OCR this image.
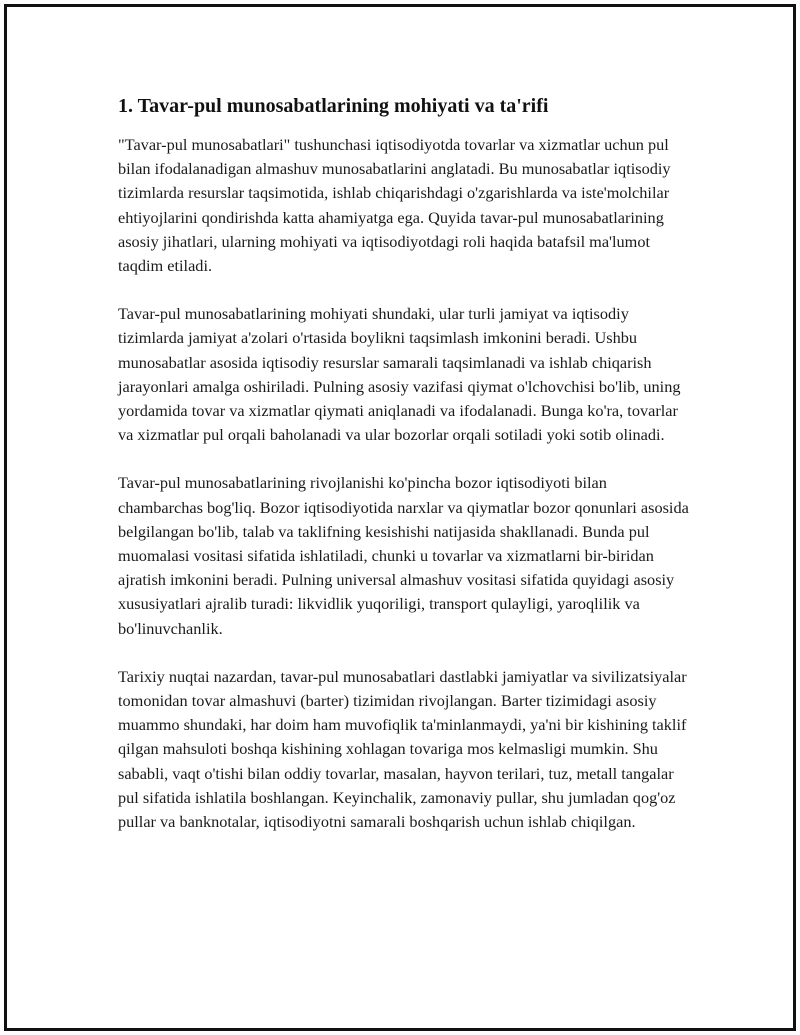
1. Tavar-pul munosabatlarining mohiyati va ta'rifi

"Tavar-pul munosabatlari" tushunchasi iqtisodiyotda tovarlar va xizmatlar uchun pul bilan ifodalanadigan almashuv munosabatlarini anglatadi. Bu munosabatlar iqtisodiy tizimlarda resurslar taqsimotida, ishlab chiqarishdagi o'zgarishlarda va iste'molchilar ehtiyojlarini qondirishda katta ahamiyatga ega. Quyida tavar-pul munosabatlarining asosiy jihatlari, ularning mohiyati va iqtisodiyotdagi roli haqida batafsil ma'lumot taqdim etiladi.

Tavar-pul munosabatlarining mohiyati shundaki, ular turli jamiyat va iqtisodiy tizimlarda jamiyat a'zolari o'rtasida boylikni taqsimlash imkonini beradi. Ushbu munosabatlar asosida iqtisodiy resurslar samarali taqsimlanadi va ishlab chiqarish jarayonlari amalga oshiriladi. Pulning asosiy vazifasi qiymat o'lchovchisi bo'lib, uning yordamida tovar va xizmatlar qiymati aniqlanadi va ifodalanadi. Bunga ko'ra, tovarlar va xizmatlar pul orqali baholanadi va ular bozorlar orqali sotiladi yoki sotib olinadi.

Tavar-pul munosabatlarining rivojlanishi ko'pincha bozor iqtisodiyoti bilan chambarchas bog'liq. Bozor iqtisodiyotida narxlar va qiymatlar bozor qonunlari asosida belgilangan bo'lib, talab va taklifning kesishishi natijasida shakllanadi. Bunda pul muomalasi vositasi sifatida ishlatiladi, chunki u tovarlar va xizmatlarni bir-biridan ajratish imkonini beradi. Pulning universal almashuv vositasi sifatida quyidagi asosiy xususiyatlari ajralib turadi: likvidlik yuqoriligi, transport qulayligi, yaroqlilik va bo'linuvchanlik.

Tarixiy nuqtai nazardan, tavar-pul munosabatlari dastlabki jamiyatlar va sivilizatsiyalar tomonidan tovar almashuvi (barter) tizimidan rivojlangan. Barter tizimidagi asosiy muammo shundaki, har doim ham muvofiqlik ta'minlanmaydi, ya'ni bir kishining taklif qilgan mahsuloti boshqa kishining xohlagan tovariga mos kelmasligi mumkin. Shu sababli, vaqt o'tishi bilan oddiy tovarlar, masalan, hayvon terilari, tuz, metall tangalar pul sifatida ishlatila boshlangan. Keyinchalik, zamonaviy pullar, shu jumladan qog'oz pullar va banknotalar, iqtisodiyotni samarali boshqarish uchun ishlab chiqilgan.
